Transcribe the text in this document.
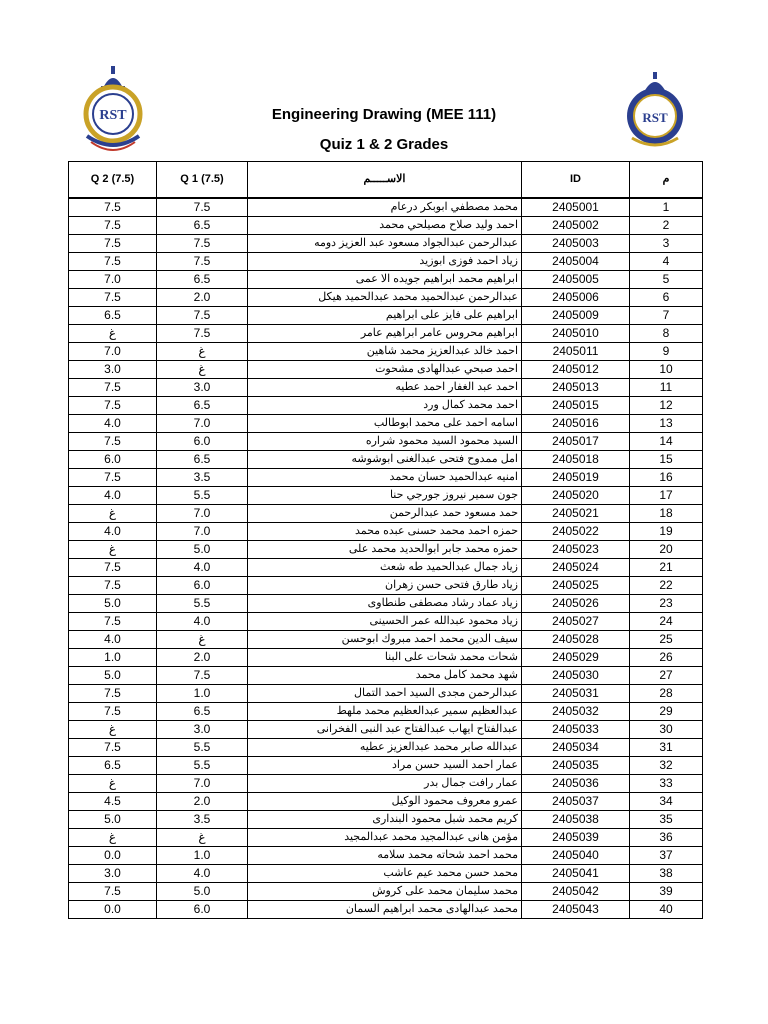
RST	RST
Engineering Drawing (MEE 111)
Quiz 1 & 2 Grades
Q 2 (7.5)	Q 1 (7.5)	الاســـــم	ID	م
7.5	7.5	محمد مصطفي ابوبكر درعام	2405001	1
7.5	6.5	احمد وليد صلاح مصيلحي محمد	2405002	2
7.5	7.5	عبدالرحمن عبدالجواد مسعود عبد العزيز دومه	2405003	3
7.5	7.5	زياد احمد فوزى ابوزيد	2405004	4
7.0	6.5	ابراهيم محمد ابراهيم جويده الا عمى	2405005	5
7.5	2.0	عبدالرحمن عبدالحميد محمد عبدالحميد هيكل	2405006	6
6.5	7.5	ابراهيم على فايز على ابراهيم	2405009	7
غ	7.5	ابراهيم محروس عامر ابراهيم عامر	2405010	8
7.0	غ	احمد خالد عبدالعزيز محمد شاهين	2405011	9
3.0	غ	احمد صبحي عبدالهادى مشحوت	2405012	10
7.5	3.0	احمد عبد الغفار احمد عطيه	2405013	11
7.5	6.5	احمد محمد كمال ورد	2405015	12
4.0	7.0	اسامه احمد على محمد ابوطالب	2405016	13
7.5	6.0	السيد محمود السيد محمود شراره	2405017	14
6.0	6.5	امل ممدوح فتحى عبدالغنى ابوشوشه	2405018	15
7.5	3.5	امنيه عبدالحميد حسان محمد	2405019	16
4.0	5.5	جون سمير نيروز جورجي حنا	2405020	17
غ	7.0	حمد مسعود حمد عبدالرحمن	2405021	18
4.0	7.0	حمزه احمد محمد حسنى عبده محمد	2405022	19
غ	5.0	حمزه محمد جابر ابوالحديد محمد على	2405023	20
7.5	4.0	زياد جمال عبدالحميد طه شعث	2405024	21
7.5	6.0	زياد طارق فتحى حسن زهران	2405025	22
5.0	5.5	زياد عماد رشاد مصطفى طنطاوى	2405026	23
7.5	4.0	زياد محمود عبدالله عمر الحسينى	2405027	24
4.0	غ	سيف الدين محمد احمد مبروك ابوحسن	2405028	25
1.0	2.0	شحات محمد شحات على البنا	2405029	26
5.0	7.5	شهد محمد كامل محمد	2405030	27
7.5	1.0	عبدالرحمن مجدى السيد احمد التمال	2405031	28
7.5	6.5	عبدالعظيم سمير عبدالعظيم محمد ملهط	2405032	29
غ	3.0	عبدالفتاح ايهاب عبدالفتاح عبد النبى الفخرانى	2405033	30
7.5	5.5	عبدالله صابر محمد عبدالعزيز عطيه	2405034	31
6.5	5.5	عمار احمد السيد حسن مراد	2405035	32
غ	7.0	عمار رافت جمال بدر	2405036	33
4.5	2.0	عمرو معروف محمود الوكيل	2405037	34
5.0	3.5	كريم محمد شبل محمود البندارى	2405038	35
غ	غ	مؤمن هانى عبدالمجيد محمد عبدالمجيد	2405039	36
0.0	1.0	محمد احمد شحاته محمد سلامه	2405040	37
3.0	4.0	محمد حسن محمد عيم عاشب	2405041	38
7.5	5.0	محمد سليمان محمد على كروش	2405042	39
0.0	6.0	محمد عبدالهادى محمد ابراهيم السمان	2405043	40
